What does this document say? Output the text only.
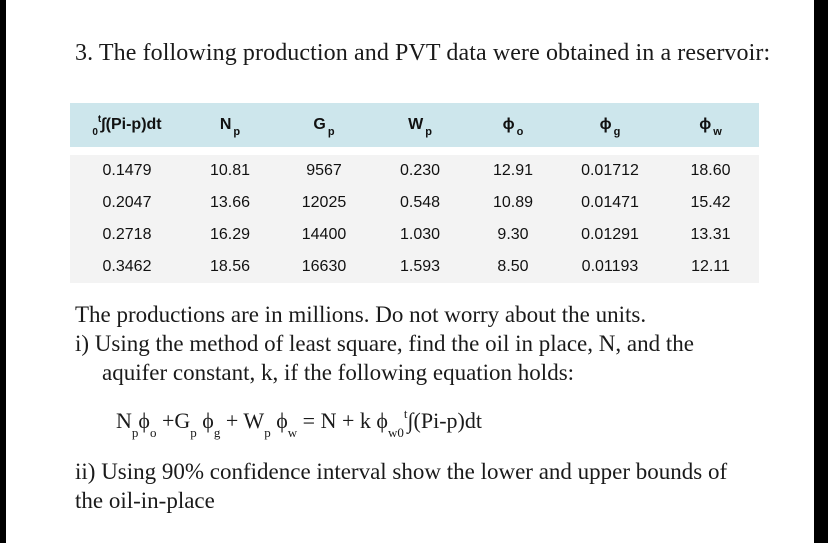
3. The following production and PVT data were obtained in a reservoir:
$_0^t$∫(Pi-p)dt	N $_p$	G $_p$	W $_p$	ϕ $_o$	ϕ $_g$	ϕ $_w$

0.1479	10.81	9567	0.230	12.91	0.01712	18.60
0.2047	13.66	12025	0.548	10.89	0.01471	15.42
0.2718	16.29	14400	1.030	9.30	0.01291	13.31
0.3462	18.56	16630	1.593	8.50	0.01193	12.11

The productions are in millions. Do not worry about the units.

i) Using the method of least square, find the oil in place, N, and the

aquifer constant, k, if the following equation holds:

$N_p\phi_o +G_p$ $\phi_g + W_p$ $\phi_w = N + k$ $\phi_{w0}^t\int(Pi-p)dt$

ii) Using 90% confidence interval show the lower and upper bounds of

the oil-in-place
